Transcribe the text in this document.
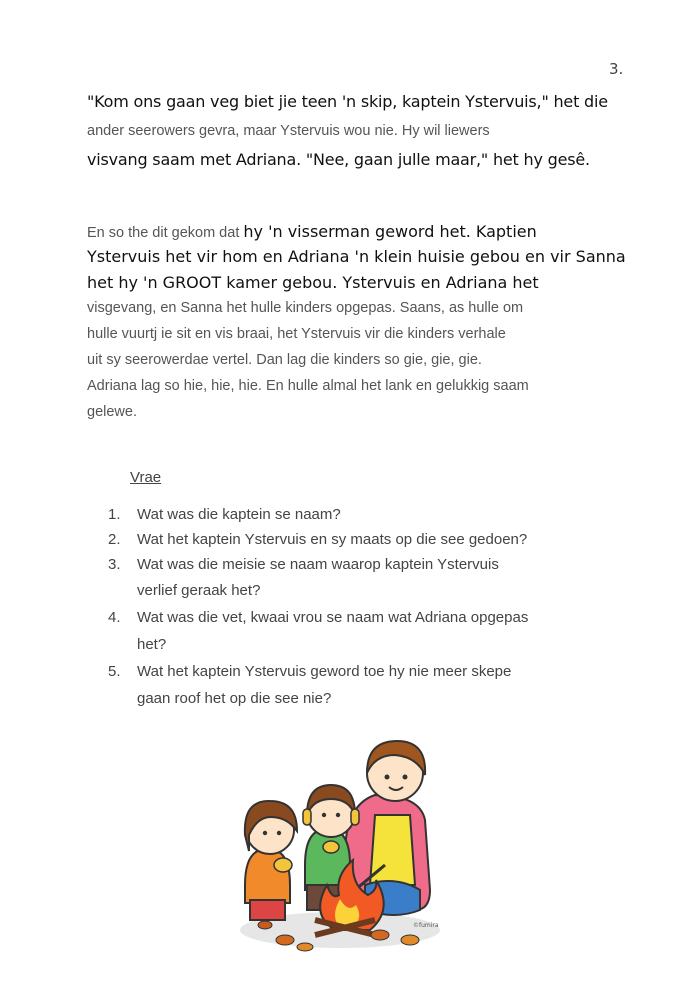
3.
"Kom ons gaan veg biet jie teen 'n skip, kaptein Ystervuis," het die
ander seerowers gevra, maar Ystervuis wou nie. Hy wil liewers
visvang saam met Adriana. "Nee, gaan julle maar," het hy gesê.
En so the dit gekom dat hy 'n visserman geword het. Kaptien
Ystervuis het vir hom en Adriana 'n klein huisie gebou en vir Sanna
het hy 'n GROOT kamer gebou. Ystervuis en Adriana het
visgevang, en Sanna het hulle kinders opgepas. Saans, as hulle om
hulle vuurtj ie sit en vis braai, het Ystervuis vir die kinders verhale
uit sy seerowerdae vertel. Dan lag die kinders so gie, gie, gie.
Adriana lag so hie, hie, hie. En hulle almal het lank en gelukkig saam
gelewe.
Vrae
1. Wat was die kaptein se naam?
2. Wat het kaptein Ystervuis en sy maats op die see gedoen?
3. Wat was die meisie se naam waarop kaptein Ystervuis
verlief geraak het?
4. Wat was die vet, kwaai vrou se naam wat Adriana opgepas
het?
5. Wat het kaptein Ystervuis geword toe hy nie meer skepe
gaan roof het op die see nie?
©fumira
